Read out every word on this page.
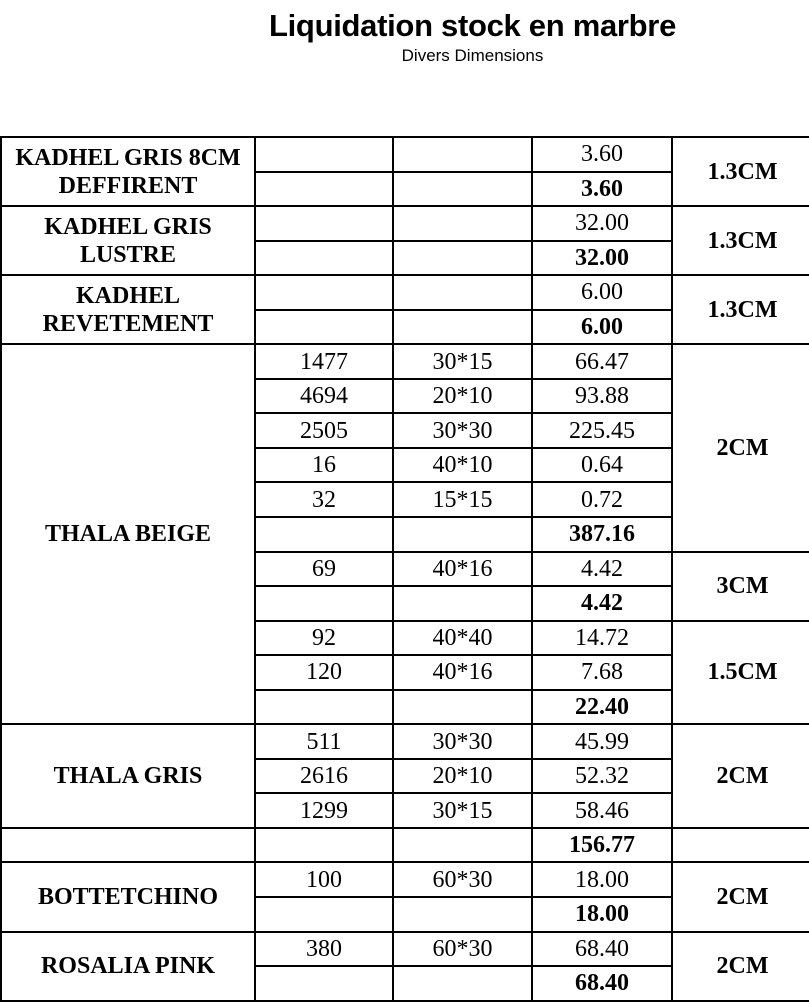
Liquidation stock en marbre
Divers Dimensions
KADHEL GRIS 8CM
DEFFIRENT			3.60	1.3CM
			3.60	
KADHEL GRIS
LUSTRE			32.00	1.3CM
			32.00	
KADHEL
REVETEMENT			6.00	1.3CM
			6.00	
THALA BEIGE	1477	30*15	66.47	2CM
	4694	20*10	93.88	
	2505	30*30	225.45	
	16	40*10	0.64	
	32	15*15	0.72	
			387.16	
	69	40*16	4.42	3CM
			4.42	
	92	40*40	14.72	1.5CM
	120	40*16	7.68	
			22.40	
THALA GRIS	511	30*30	45.99	2CM
	2616	20*10	52.32	
	1299	30*15	58.46	
			156.77	
BOTTETCHINO	100	60*30	18.00	2CM
			18.00	
ROSALIA PINK	380	60*30	68.40	2CM
			68.40	
